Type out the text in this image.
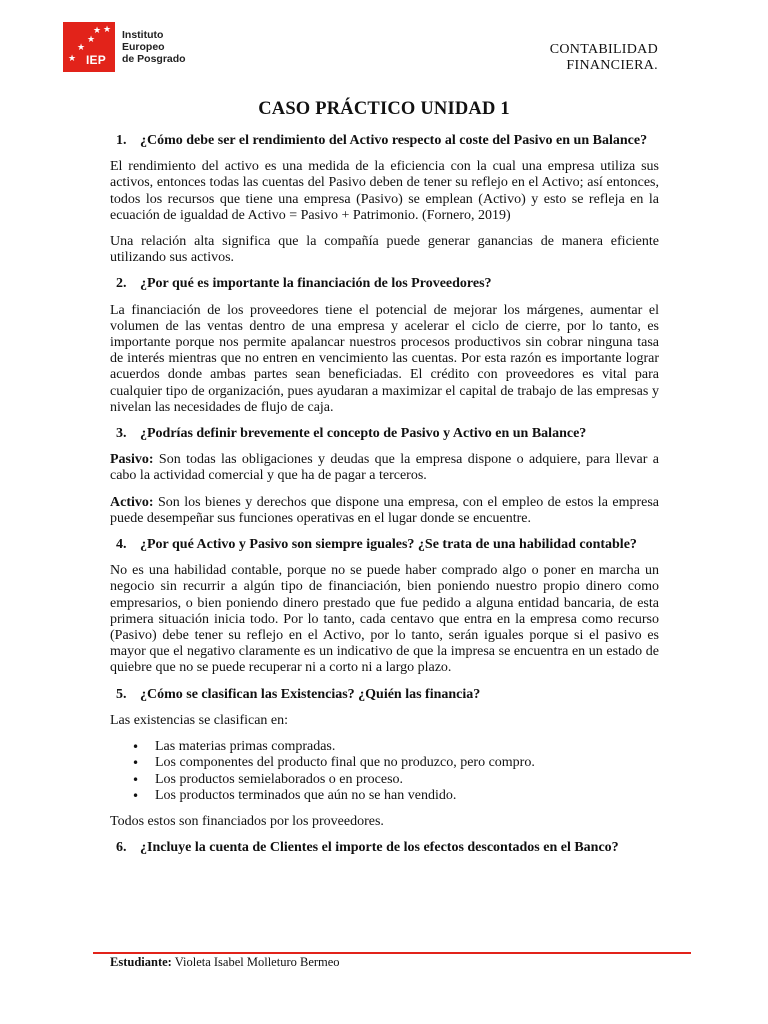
★ ★
★
★
★ IEP
Instituto
Europeo
de Posgrado
CONTABILIDAD
FINANCIERA.
CASO PRÁCTICO UNIDAD 1
1. ¿Cómo debe ser el rendimiento del Activo respecto al coste del Pasivo en un Balance?

El rendimiento del activo es una medida de la eficiencia con la cual una empresa utiliza sus activos, entonces todas las cuentas del Pasivo deben de tener su reflejo en el Activo; así entonces, todos los recursos que tiene una empresa (Pasivo) se emplean (Activo) y esto se refleja en la ecuación de igualdad de Activo = Pasivo + Patrimonio. (Fornero, 2019)

Una relación alta significa que la compañía puede generar ganancias de manera eficiente utilizando sus activos.

2. ¿Por qué es importante la financiación de los Proveedores?

La financiación de los proveedores tiene el potencial de mejorar los márgenes, aumentar el volumen de las ventas dentro de una empresa y acelerar el ciclo de cierre, por lo tanto, es importante porque nos permite apalancar nuestros procesos productivos sin cobrar ninguna tasa de interés mientras que no entren en vencimiento las cuentas. Por esta razón es importante lograr acuerdos donde ambas partes sean beneficiadas. El crédito con proveedores es vital para cualquier tipo de organización, pues ayudaran a maximizar el capital de trabajo de las empresas y nivelan las necesidades de flujo de caja.

3. ¿Podrías definir brevemente el concepto de Pasivo y Activo en un Balance?

Pasivo: Son todas las obligaciones y deudas que la empresa dispone o adquiere, para llevar a cabo la actividad comercial y que ha de pagar a terceros.

Activo: Son los bienes y derechos que dispone una empresa, con el empleo de estos la empresa puede desempeñar sus funciones operativas en el lugar donde se encuentre.

4. ¿Por qué Activo y Pasivo son siempre iguales? ¿Se trata de una habilidad contable?

No es una habilidad contable, porque no se puede haber comprado algo o poner en marcha un negocio sin recurrir a algún tipo de financiación, bien poniendo nuestro propio dinero como empresarios, o bien poniendo dinero prestado que fue pedido a alguna entidad bancaria, de esta primera situación inicia todo. Por lo tanto, cada centavo que entra en la empresa como recurso (Pasivo) debe tener su reflejo en el Activo, por lo tanto, serán iguales porque si el pasivo es mayor que el negativo claramente es un indicativo de que la impresa se encuentra en un estado de quiebre que no se puede recuperar ni a corto ni a largo plazo.

5. ¿Cómo se clasifican las Existencias? ¿Quién las financia?

Las existencias se clasifican en:

• Las materias primas compradas.
• Los componentes del producto final que no produzco, pero compro.
• Los productos semielaborados o en proceso.
• Los productos terminados que aún no se han vendido.

Todos estos son financiados por los proveedores.

6. ¿Incluye la cuenta de Clientes el importe de los efectos descontados en el Banco?
Estudiante: Violeta Isabel Molleturo Bermeo
